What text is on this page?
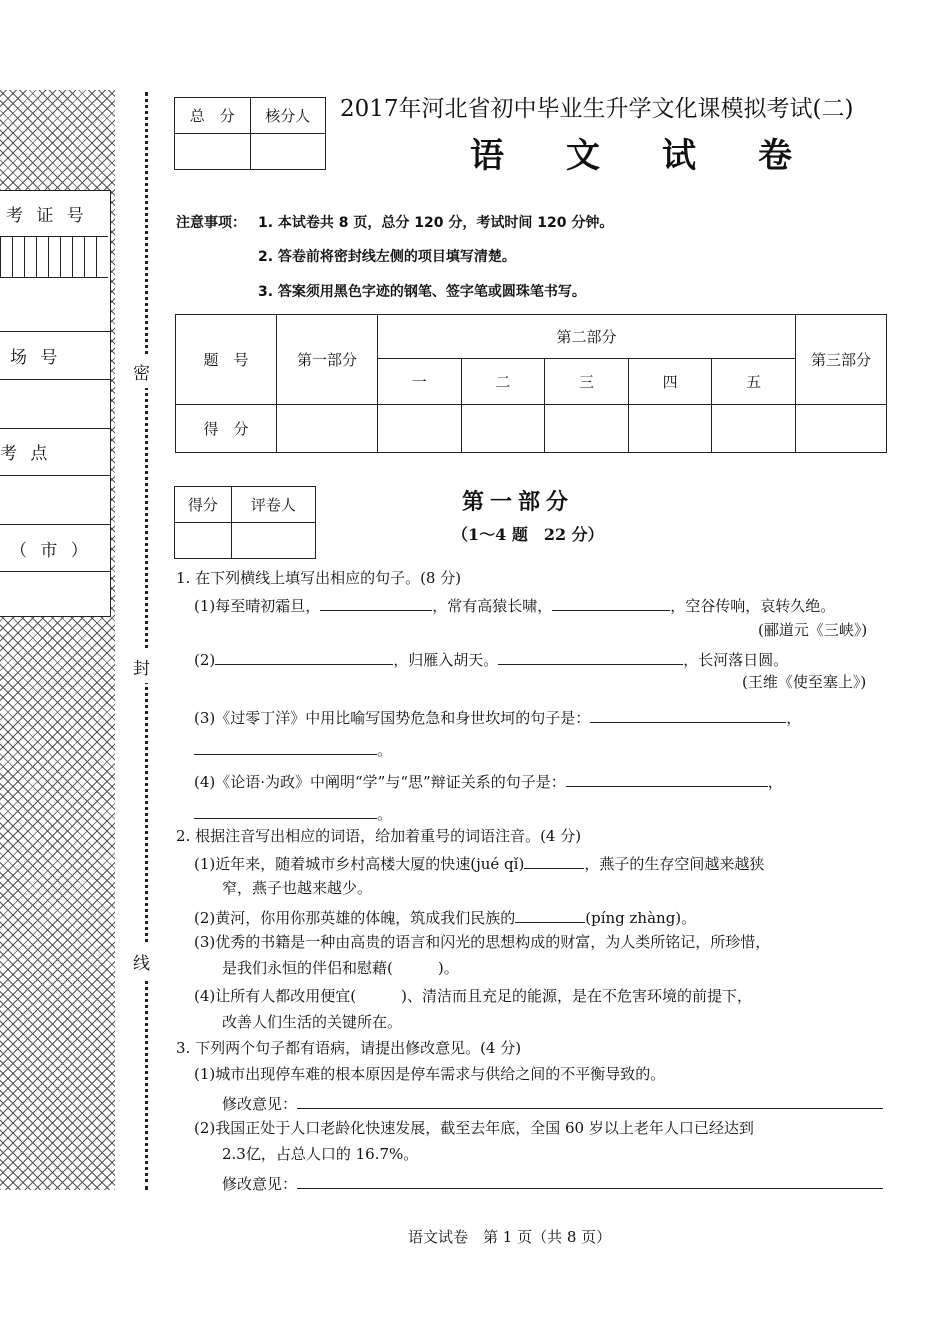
考 证 号
场 号
考 点
（ 市 ）
密
封
线
总　分	核分人
	2017年河北省初中毕业生升学文化课模拟考试(二)
语文试卷
注意事项： 1. 本试卷共 8 页，总分 120 分，考试时间 120 分钟。
2. 答卷前将密封线左侧的项目填写清楚。
3. 答案须用黑色字迹的钢笔、签字笔或圆珠笔书写。
题　号	第一部分	第二部分					第三部分
		一	二	三	四	五	
得　分							
得分	评卷人
		第一部分
（1～4 题　22 分）
1. 在下列横线上填写出相应的句子。(8 分)
(1)每至晴初霜旦，	，常有高猿长啸，	，空谷传响，哀转久绝。
(郦道元《三峡》)
(2)	，归雁入胡天。	，长河落日圆。
(王维《使至塞上》)
(3)《过零丁洋》中用比喻写国势危急和身世坎坷的句子是：	，
。
(4)《论语·为政》中阐明“学”与“思”辩证关系的句子是：	，
。
2. 根据注音写出相应的词语，给加着重号的词语注音。(4 分)
(1)近年来，随着城市乡村高楼大厦的快速(jué qǐ)	，燕子的生存空间越来越狭
窄，燕子也越来越少。
(2)黄河，你用你那英雄的体魄，筑成我们民族的	(píng zhàng)。
(3)优秀的书籍是一种由高贵的语言和闪光的思想构成的财富，为人类所铭记，所珍惜，
是我们永恒的伴侣和慰藉(　　　)。
(4)让所有人都改用便宜(　　　)、清洁而且充足的能源，是在不危害环境的前提下，
改善人们生活的关键所在。
3. 下列两个句子都有语病，请提出修改意见。(4 分)
(1)城市出现停车难的根本原因是停车需求与供给之间的不平衡导致的。
修改意见：
(2)我国正处于人口老龄化快速发展，截至去年底，全国 60 岁以上老年人口已经达到
2.3亿，占总人口的 16.7%。
修改意见：
语文试卷　第 1 页（共 8 页）
